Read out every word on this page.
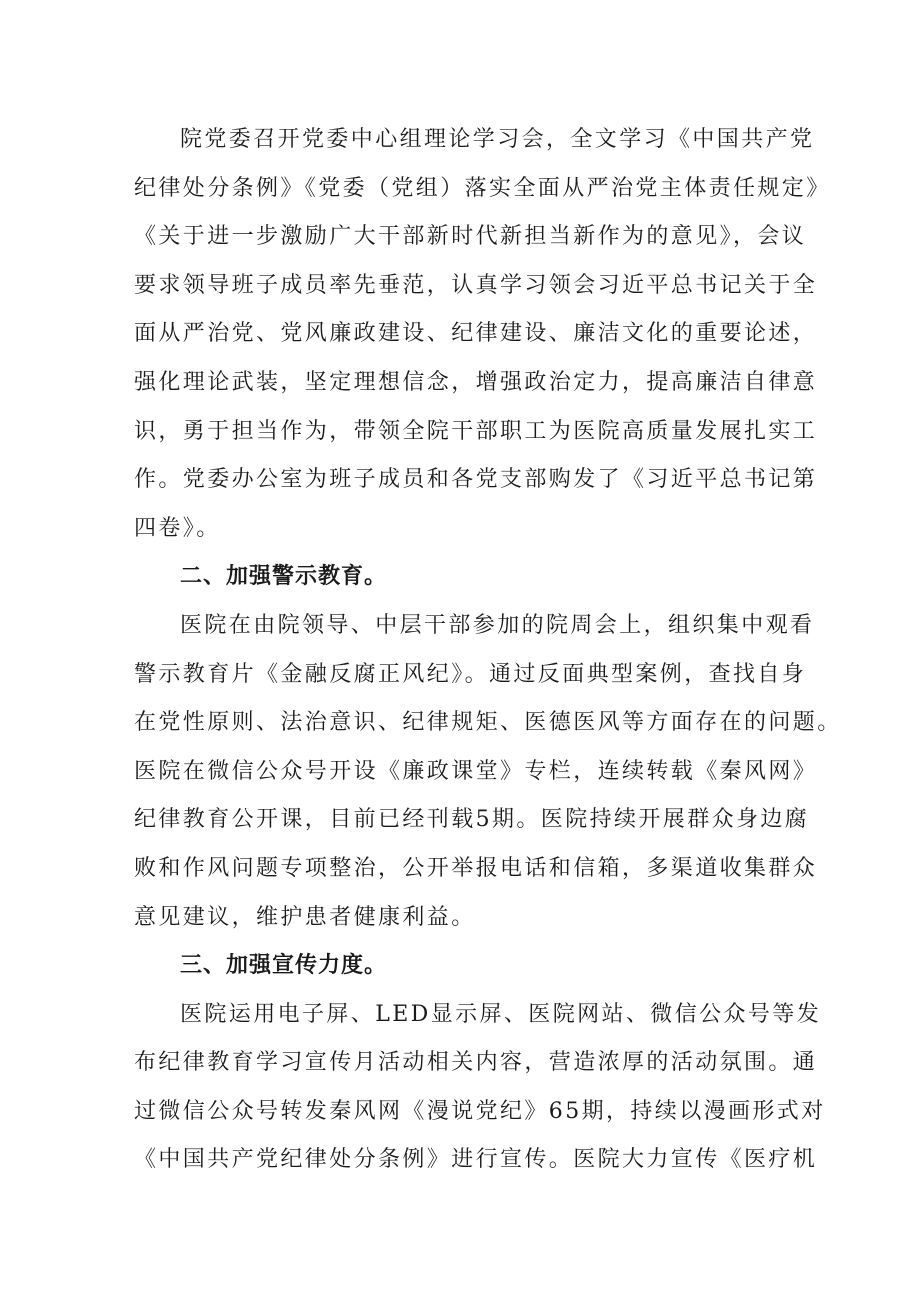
院党委召开党委中心组理论学习会，全文学习《中国共产党
纪律处分条例》《党委（党组）落实全面从严治党主体责任规定》
《关于进一步激励广大干部新时代新担当新作为的意见》，会议
要求领导班子成员率先垂范，认真学习领会习近平总书记关于全
面从严治党、党风廉政建设、纪律建设、廉洁文化的重要论述，
强化理论武装，坚定理想信念，增强政治定力，提高廉洁自律意
识，勇于担当作为，带领全院干部职工为医院高质量发展扎实工
作。党委办公室为班子成员和各党支部购发了《习近平总书记第
四卷》。
二、加强警示教育。
医院在由院领导、中层干部参加的院周会上，组织集中观看
警示教育片《金融反腐正风纪》。通过反面典型案例，查找自身
在党性原则、法治意识、纪律规矩、医德医风等方面存在的问题。
医院在微信公众号开设《廉政课堂》专栏，连续转载《秦风网》
纪律教育公开课，目前已经刊载5期。医院持续开展群众身边腐
败和作风问题专项整治，公开举报电话和信箱，多渠道收集群众
意见建议，维护患者健康利益。
三、加强宣传力度。
医院运用电子屏、LED显示屏、医院网站、微信公众号等发
布纪律教育学习宣传月活动相关内容，营造浓厚的活动氛围。通
过微信公众号转发秦风网《漫说党纪》65期，持续以漫画形式对
《中国共产党纪律处分条例》进行宣传。医院大力宣传《医疗机
